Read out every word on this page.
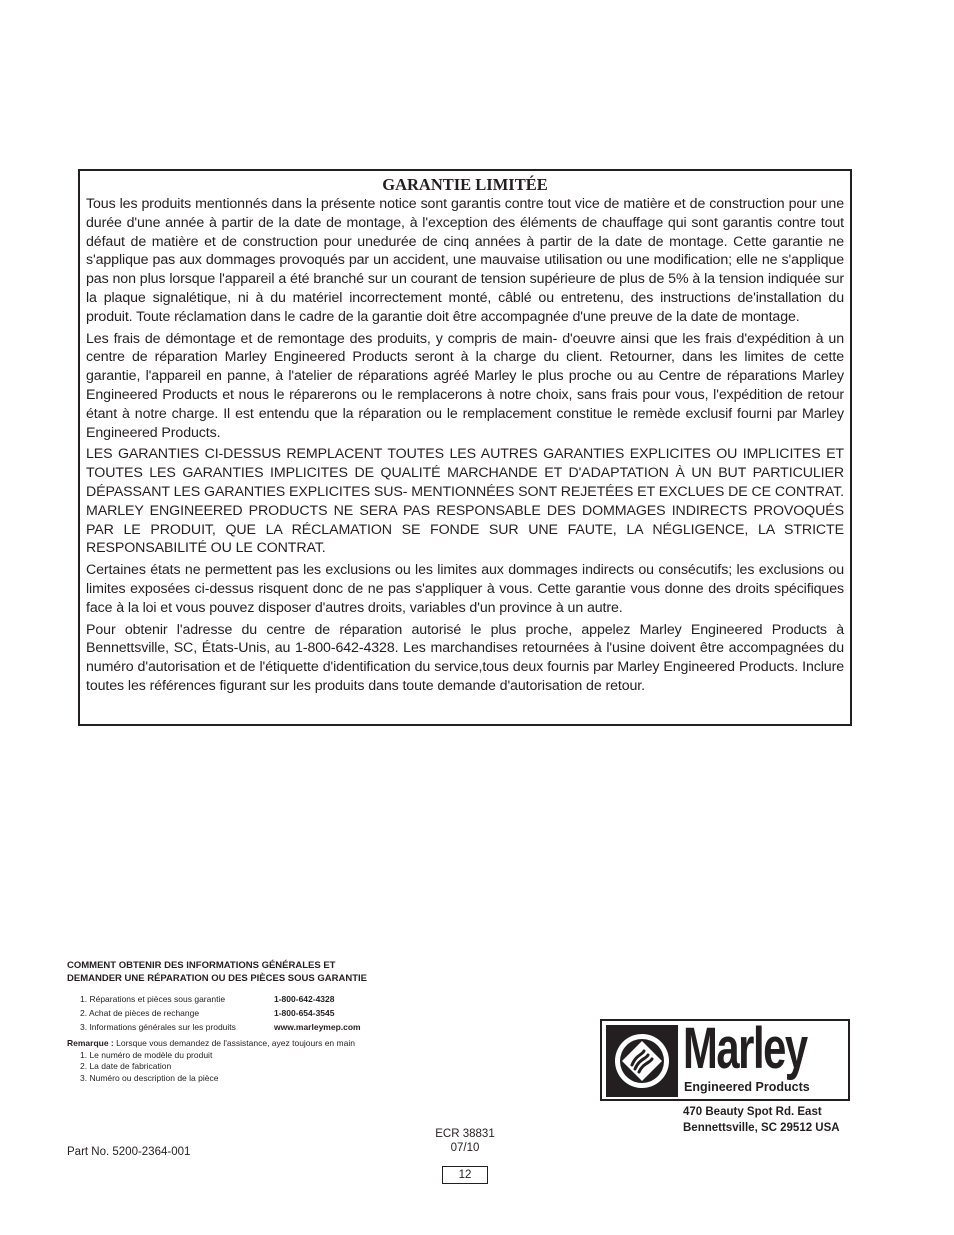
GARANTIE LIMITÉE

Tous les produits mentionnés dans la présente notice sont garantis contre tout vice de matière et de construction pour une durée d'une année à partir de la date de montage, à l'exception des éléments de chauffage qui sont garantis contre tout défaut de matière et de construction pour unedurée de cinq années à partir de la date de montage. Cette garantie ne s'applique pas aux dommages provoqués par un accident, une mauvaise utilisation ou une modification; elle ne s'applique pas non plus lorsque l'appareil a été branché sur un courant de tension supérieure de plus de 5% à la tension indiquée sur la plaque signalétique, ni à du matériel incorrectement monté, câblé ou entretenu, des instructions de'installation du produit. Toute réclamation dans le cadre de la garantie doit être accompagnée d'une preuve de la date de montage.

Les frais de démontage et de remontage des produits, y compris de main- d'oeuvre ainsi que les frais d'expédition à un centre de réparation Marley Engineered Products seront à la charge du client. Retourner, dans les limites de cette garantie, l'appareil en panne, à l'atelier de réparations agréé Marley le plus proche ou au Centre de réparations Marley Engineered Products et nous le réparerons ou le remplacerons à notre choix, sans frais pour vous, l'expédition de retour étant à notre charge. Il est entendu que la réparation ou le remplacement constitue le remède exclusif fourni par Marley Engineered Products.

LES GARANTIES CI-DESSUS REMPLACENT TOUTES LES AUTRES GARANTIES EXPLICITES OU IMPLICITES ET TOUTES LES GARANTIES IMPLICITES DE QUALITÉ MARCHANDE ET D'ADAPTATION À UN BUT PARTICULIER DÉPASSANT LES GARANTIES EXPLICITES SUS- MENTIONNÉES SONT REJETÉES ET EXCLUES DE CE CONTRAT. MARLEY ENGINEERED PRODUCTS NE SERA PAS RESPONSABLE DES DOMMAGES INDIRECTS PROVOQUÉS PAR LE PRODUIT, QUE LA RÉCLAMATION SE FONDE SUR UNE FAUTE, LA NÉGLIGENCE, LA STRICTE RESPONSABILITÉ OU LE CONTRAT.

Certaines états ne permettent pas les exclusions ou les limites aux dommages indirects ou consécutifs; les exclusions ou limites exposées ci-dessus risquent donc de ne pas s'appliquer à vous. Cette garantie vous donne des droits spécifiques face à la loi et vous pouvez disposer d'autres droits, variables d'un province à un autre.

Pour obtenir l'adresse du centre de réparation autorisé le plus proche, appelez Marley Engineered Products à Bennettsville, SC, États-Unis, au 1-800-642-4328. Les marchandises retournées à l'usine doivent être accompagnées du numéro d'autorisation et de l'étiquette d'identification du service,tous deux fournis par Marley Engineered Products. Inclure toutes les références figurant sur les produits dans toute demande d'autorisation de retour.

COMMENT OBTENIR DES INFORMATIONS GÉNÉRALES ET
DEMANDER UNE RÉPARATION OU DES PIÈCES SOUS GARANTIE
1. Réparations et pièces sous garantie	1-800-642-4328
2. Achat de pièces de rechange	1-800-654-3545
3. Informations générales sur les produits	www.marleymep.com
Remarque : Lorsque vous demandez de l'assistance, ayez toujours en main
1. Le numéro de modèle du produit
2. La date de fabrication
3. Numéro ou description de la pièce	Marley
Engineered Products
470 Beauty Spot Rd. East
Bennettsville, SC 29512 USA
ECR 38831
07/10
Part No. 5200-2364-001
12
